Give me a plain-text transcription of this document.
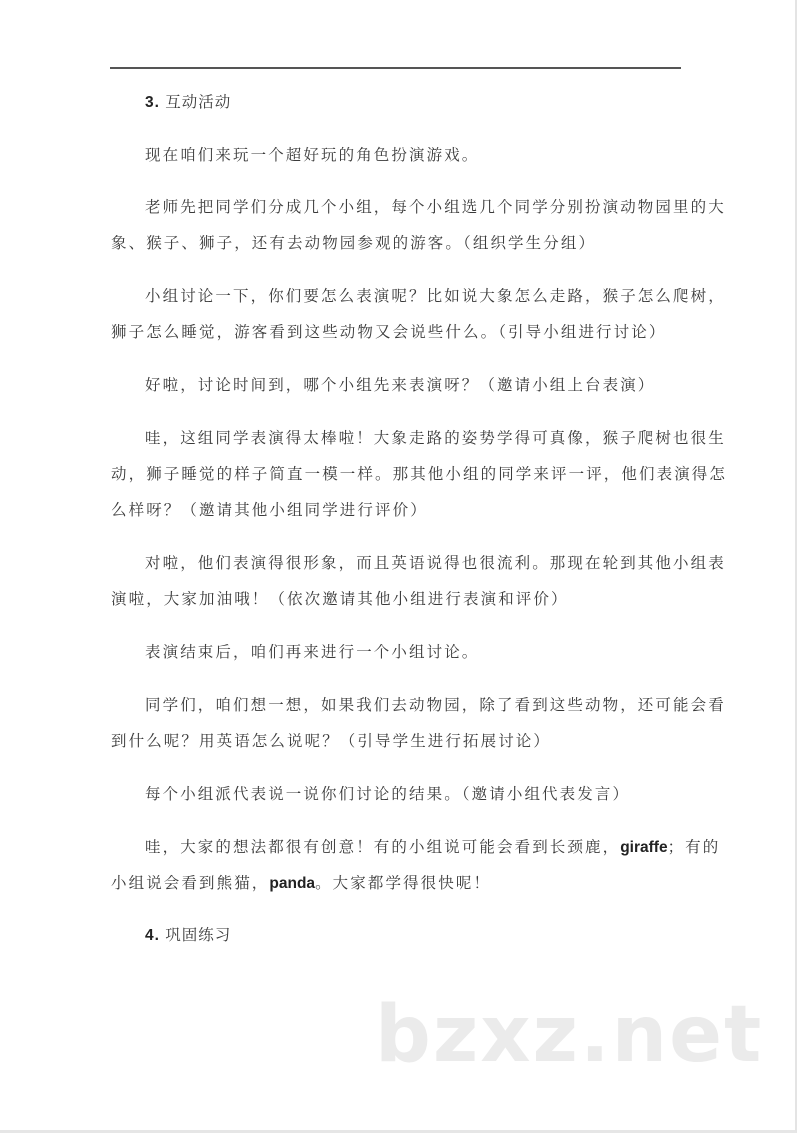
3. 互动活动
现在咱们来玩一个超好玩的角色扮演游戏。
老师先把同学们分成几个小组，每个小组选几个同学分别扮演动物园里的大
象、猴子、狮子，还有去动物园参观的游客。（组织学生分组）
小组讨论一下，你们要怎么表演呢？比如说大象怎么走路，猴子怎么爬树，
狮子怎么睡觉，游客看到这些动物又会说些什么。（引导小组进行讨论）
好啦，讨论时间到，哪个小组先来表演呀？（邀请小组上台表演）
哇，这组同学表演得太棒啦！大象走路的姿势学得可真像，猴子爬树也很生
动，狮子睡觉的样子简直一模一样。那其他小组的同学来评一评，他们表演得怎
么样呀？（邀请其他小组同学进行评价）
对啦，他们表演得很形象，而且英语说得也很流利。那现在轮到其他小组表
演啦，大家加油哦！（依次邀请其他小组进行表演和评价）
表演结束后，咱们再来进行一个小组讨论。
同学们，咱们想一想，如果我们去动物园，除了看到这些动物，还可能会看
到什么呢？用英语怎么说呢？（引导学生进行拓展讨论）
每个小组派代表说一说你们讨论的结果。（邀请小组代表发言）
哇，大家的想法都很有创意！有的小组说可能会看到长颈鹿，giraffe；有的
小组说会看到熊猫，panda。大家都学得很快呢！
4. 巩固练习
bzxz.net
